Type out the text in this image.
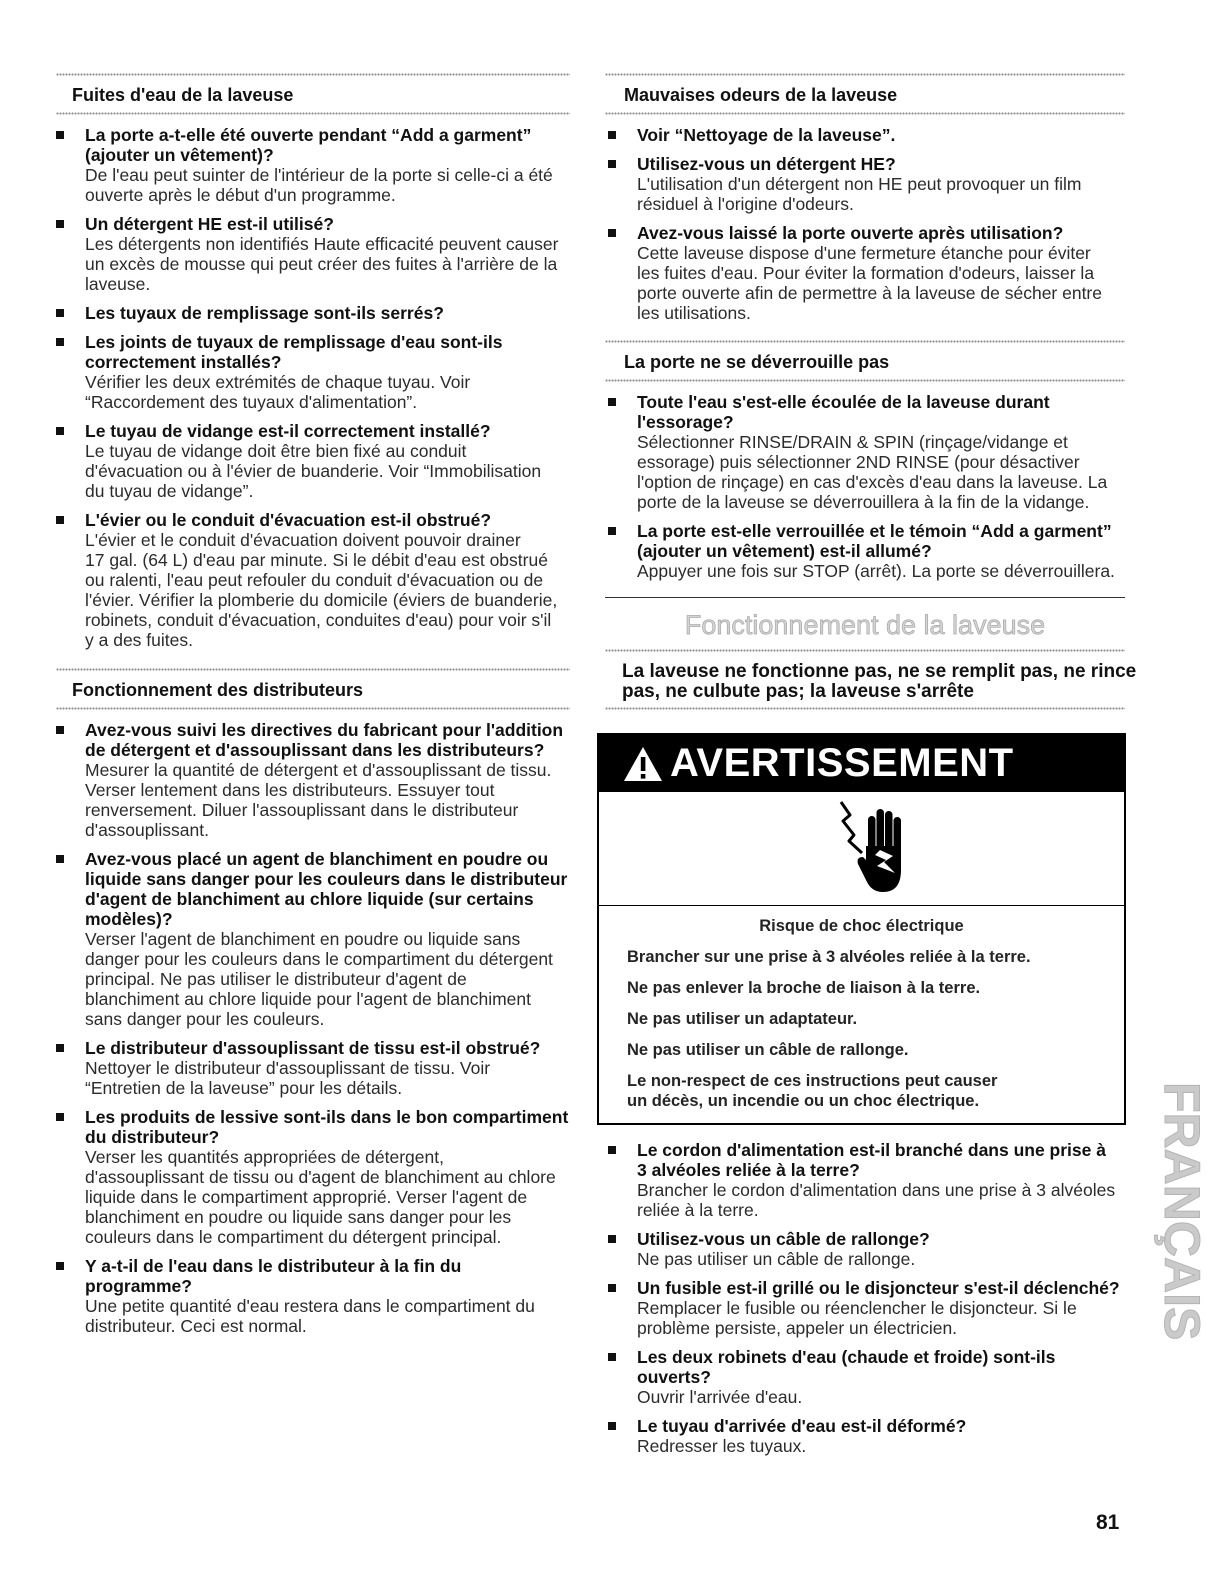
Fuites d'eau de la laveuse
La porte a-t-elle été ouverte pendant “Add a garment”
(ajouter un vêtement)?
De l'eau peut suinter de l'intérieur de la porte si celle-ci a été
ouverte après le début d'un programme.
Un détergent HE est-il utilisé?
Les détergents non identifiés Haute efficacité peuvent causer
un excès de mousse qui peut créer des fuites à l'arrière de la
laveuse.
Les tuyaux de remplissage sont-ils serrés?
Les joints de tuyaux de remplissage d'eau sont-ils
correctement installés?
Vérifier les deux extrémités de chaque tuyau. Voir
“Raccordement des tuyaux d'alimentation”.
Le tuyau de vidange est-il correctement installé?
Le tuyau de vidange doit être bien fixé au conduit
d'évacuation ou à l'évier de buanderie. Voir “Immobilisation
du tuyau de vidange”.
L'évier ou le conduit d'évacuation est-il obstrué?
L'évier et le conduit d'évacuation doivent pouvoir drainer
17 gal. (64 L) d'eau par minute. Si le débit d'eau est obstrué
ou ralenti, l'eau peut refouler du conduit d'évacuation ou de
l'évier. Vérifier la plomberie du domicile (éviers de buanderie,
robinets, conduit d'évacuation, conduites d'eau) pour voir s'il
y a des fuites.
Fonctionnement des distributeurs
Avez-vous suivi les directives du fabricant pour l'addition
de détergent et d'assouplissant dans les distributeurs?
Mesurer la quantité de détergent et d'assouplissant de tissu.
Verser lentement dans les distributeurs. Essuyer tout
renversement. Diluer l'assouplissant dans le distributeur
d'assouplissant.
Avez-vous placé un agent de blanchiment en poudre ou
liquide sans danger pour les couleurs dans le distributeur
d'agent de blanchiment au chlore liquide (sur certains
modèles)?
Verser l'agent de blanchiment en poudre ou liquide sans
danger pour les couleurs dans le compartiment du détergent
principal. Ne pas utiliser le distributeur d'agent de
blanchiment au chlore liquide pour l'agent de blanchiment
sans danger pour les couleurs.
Le distributeur d'assouplissant de tissu est-il obstrué?
Nettoyer le distributeur d'assouplissant de tissu. Voir
“Entretien de la laveuse” pour les détails.
Les produits de lessive sont-ils dans le bon compartiment
du distributeur?
Verser les quantités appropriées de détergent,
d'assouplissant de tissu ou d'agent de blanchiment au chlore
liquide dans le compartiment approprié. Verser l'agent de
blanchiment en poudre ou liquide sans danger pour les
couleurs dans le compartiment du détergent principal.
Y a-t-il de l'eau dans le distributeur à la fin du
programme?
Une petite quantité d'eau restera dans le compartiment du
distributeur. Ceci est normal.
Mauvaises odeurs de la laveuse
Voir “Nettoyage de la laveuse”.
Utilisez-vous un détergent HE?
L'utilisation d'un détergent non HE peut provoquer un film
résiduel à l'origine d'odeurs.
Avez-vous laissé la porte ouverte après utilisation?
Cette laveuse dispose d'une fermeture étanche pour éviter
les fuites d'eau. Pour éviter la formation d'odeurs, laisser la
porte ouverte afin de permettre à la laveuse de sécher entre
les utilisations.
La porte ne se déverrouille pas
Toute l'eau s'est-elle écoulée de la laveuse durant
l'essorage?
Sélectionner RINSE/DRAIN & SPIN (rinçage/vidange et
essorage) puis sélectionner 2ND RINSE (pour désactiver
l'option de rinçage) en cas d'excès d'eau dans la laveuse. La
porte de la laveuse se déverrouillera à la fin de la vidange.
La porte est-elle verrouillée et le témoin “Add a garment”
(ajouter un vêtement) est-il allumé?
Appuyer une fois sur STOP (arrêt). La porte se déverrouillera.
Fonctionnement de la laveuse
La laveuse ne fonctionne pas, ne se remplit pas, ne rince
pas, ne culbute pas; la laveuse s'arrête
AVERTISSEMENT
Risque de choc électrique
Brancher sur une prise à 3 alvéoles reliée à la terre.
Ne pas enlever la broche de liaison à la terre.
Ne pas utiliser un adaptateur.
Ne pas utiliser un câble de rallonge.
Le non-respect de ces instructions peut causer
un décès, un incendie ou un choc électrique.
Le cordon d'alimentation est-il branché dans une prise à
3 alvéoles reliée à la terre?
Brancher le cordon d'alimentation dans une prise à 3 alvéoles
reliée à la terre.
Utilisez-vous un câble de rallonge?
Ne pas utiliser un câble de rallonge.
Un fusible est-il grillé ou le disjoncteur s'est-il déclenché?
Remplacer le fusible ou réenclencher le disjoncteur. Si le
problème persiste, appeler un électricien.
Les deux robinets d'eau (chaude et froide) sont-ils
ouverts?
Ouvrir l'arrivée d'eau.
Le tuyau d'arrivée d'eau est-il déformé?
Redresser les tuyaux.
FRANÇAIS
81
